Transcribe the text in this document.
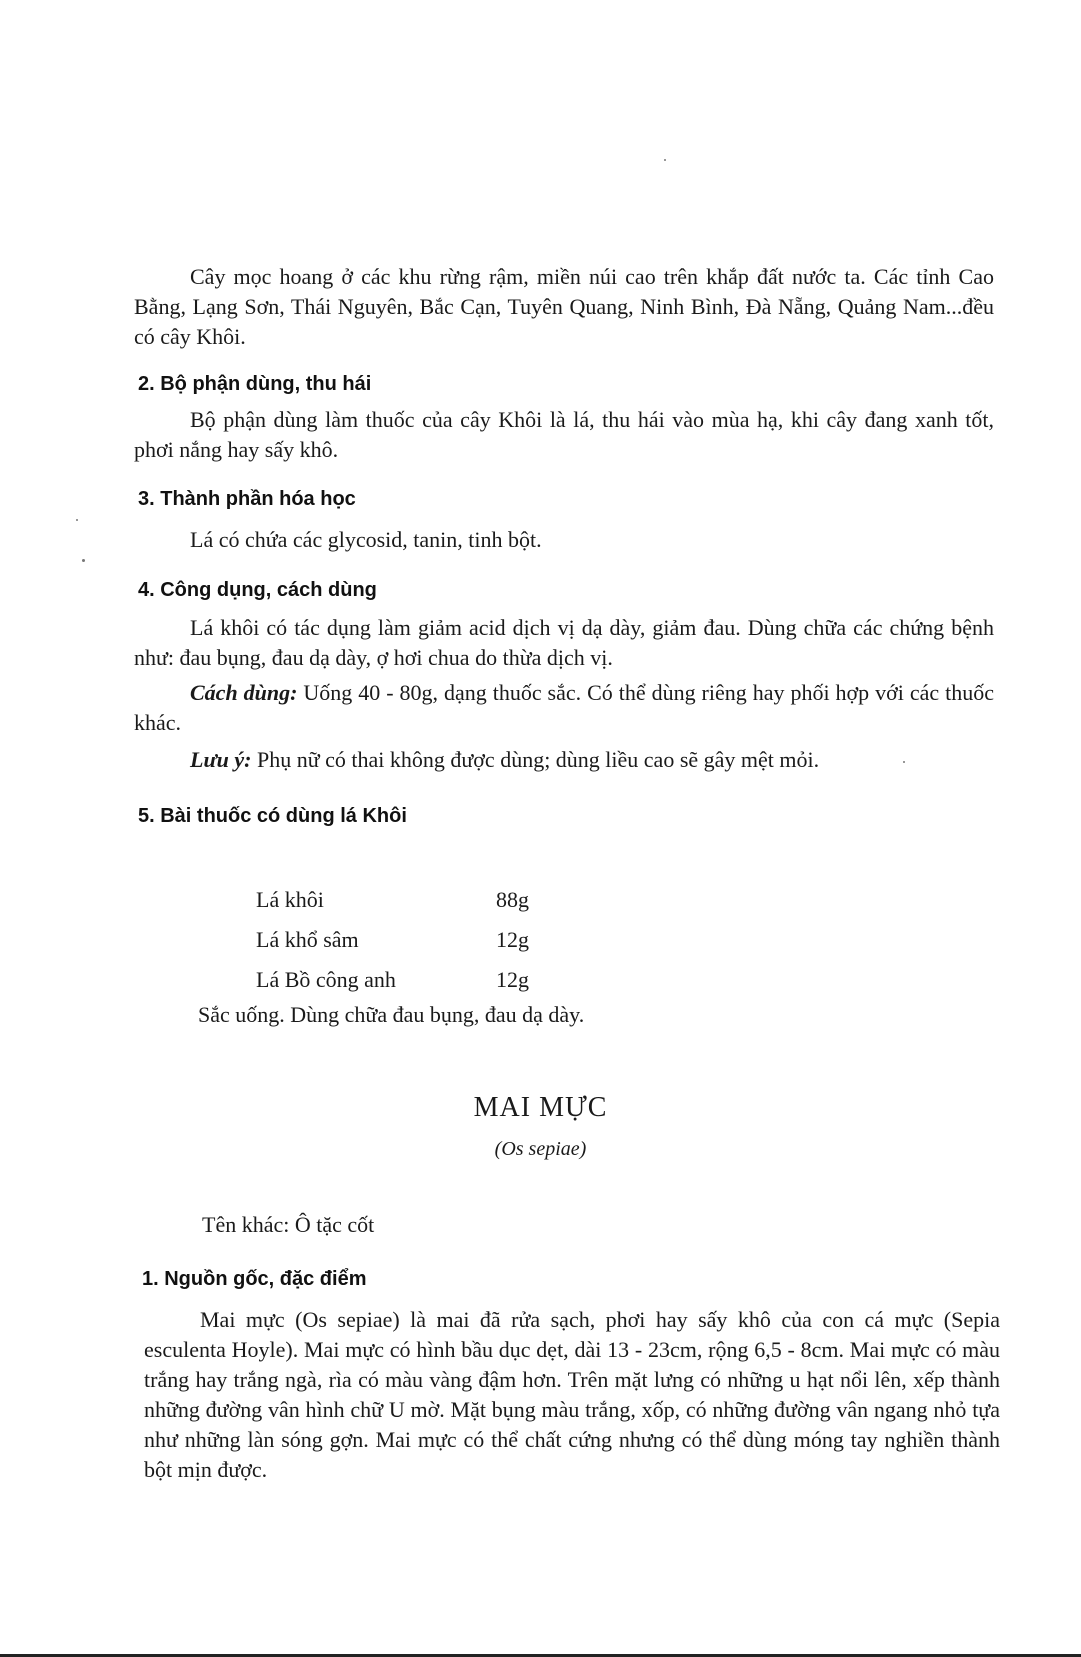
Cây mọc hoang ở các khu rừng rậm, miền núi cao trên khắp đất nước ta. Các tỉnh Cao Bằng, Lạng Sơn, Thái Nguyên, Bắc Cạn, Tuyên Quang, Ninh Bình, Đà Nẵng, Quảng Nam...đều có cây Khôi.

2. Bộ phận dùng, thu hái

Bộ phận dùng làm thuốc của cây Khôi là lá, thu hái vào mùa hạ, khi cây đang xanh tốt, phơi nắng hay sấy khô.

3. Thành phần hóa học

Lá có chứa các glycosid, tanin, tinh bột.

4. Công dụng, cách dùng

Lá khôi có tác dụng làm giảm acid dịch vị dạ dày, giảm đau. Dùng chữa các chứng bệnh như: đau bụng, đau dạ dày, ợ hơi chua do thừa dịch vị.

Cách dùng: Uống 40 - 80g, dạng thuốc sắc. Có thể dùng riêng hay phối hợp với các thuốc khác.

Lưu ý: Phụ nữ có thai không được dùng; dùng liều cao sẽ gây mệt mỏi.

5. Bài thuốc có dùng lá Khôi
Lá khôi	88g
Lá khổ sâm	12g
Lá Bồ công anh	12g

Sắc uống. Dùng chữa đau bụng, đau dạ dày.

MAI MỰC
(Os sepiae)

Tên khác: Ô tặc cốt

1. Nguồn gốc, đặc điểm

Mai mực (Os sepiae) là mai đã rửa sạch, phơi hay sấy khô của con cá mực (Sepia esculenta Hoyle). Mai mực có hình bầu dục dẹt, dài 13 - 23cm, rộng 6,5 - 8cm. Mai mực có màu trắng hay trắng ngà, rìa có màu vàng đậm hơn. Trên mặt lưng có những u hạt nổi lên, xếp thành những đường vân hình chữ U mờ. Mặt bụng màu trắng, xốp, có những đường vân ngang nhỏ tựa như những làn sóng gợn. Mai mực có thể chất cứng nhưng có thể dùng móng tay nghiền thành bột mịn được.
